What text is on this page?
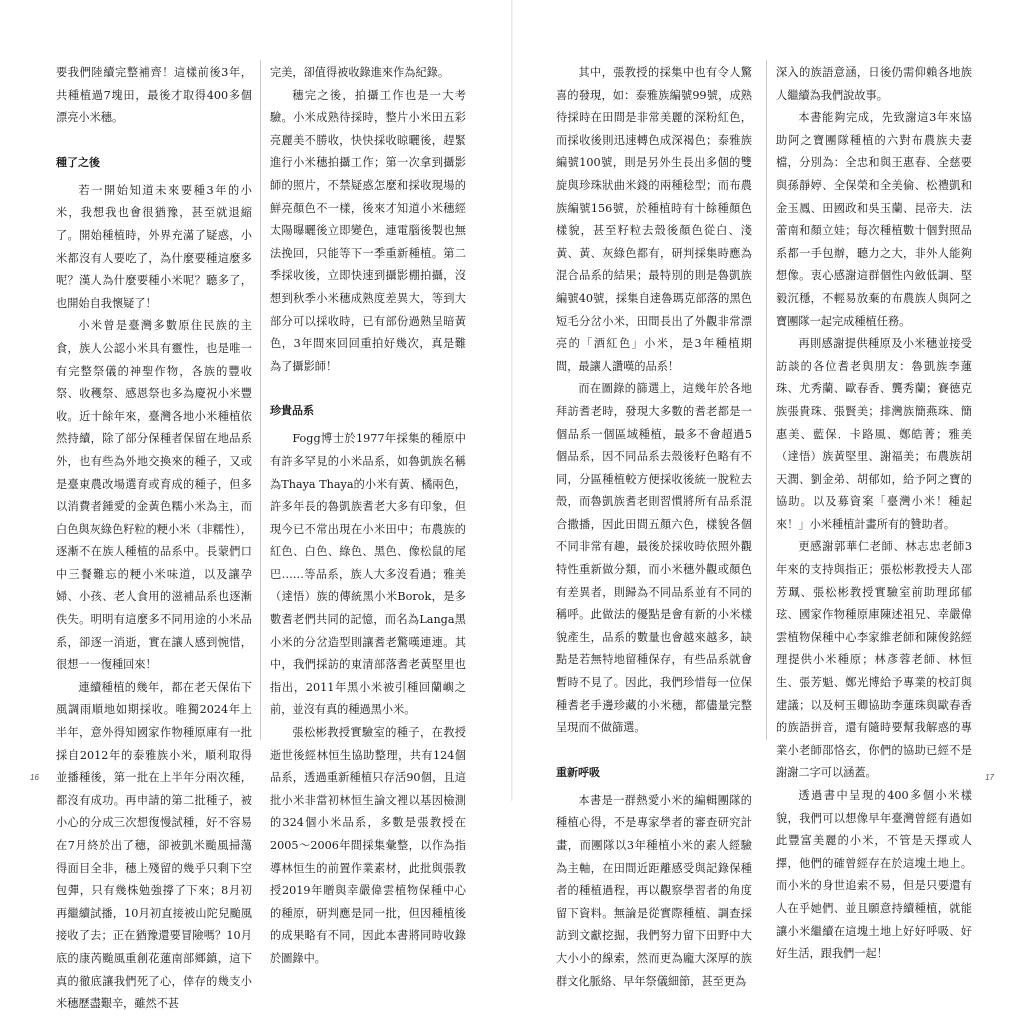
要我們陸續完整補齊！這樣前後3年，共種植過7塊田，最後才取得400多個漂亮小米穗。

種了之後

若一開始知道未來要種3年的小米，我想我也會很猶豫，甚至就退縮了。開始種植時，外界充滿了疑惑，小米都沒有人要吃了，為什麼要種這麼多呢？漢人為什麼要種小米呢？聽多了，也開始自我懷疑了！

小米曾是臺灣多數原住民族的主食，族人公認小米具有靈性，也是唯一有完整祭儀的神聖作物，各族的豐收祭、收穫祭、感恩祭也多為慶祝小米豐收。近十餘年來，臺灣各地小米種植依然持續，除了部分保種者保留在地品系外，也有些為外地交換來的種子，又或是臺東農改場選育或育成的種子，但多以消費者鍾愛的金黃色糯小米為主，而白色與灰綠色籽粒的粳小米（非糯性），逐漸不在族人種植的品系中。長蒙們口中三餐難忘的粳小米味道，以及讓孕婦、小孩、老人食用的滋補品系也逐漸佚失。明明有這麼多不同用途的小米品系，卻逐一消逝，實在讓人感到惋惜，很想一一復種回來！

連續種植的幾年，都在老天保佑下風調雨順地如期採收。唯獨2024年上半年，意外得知國家作物種原庫有一批採自2012年的泰雅族小米，順利取得並播種後，第一批在上半年分兩次種，都沒有成功。再申請的第二批種子，被小心的分成三次想復慢試種，好不容易在7月終於出了穗，卻被凱米颱風掃蕩得面目全非，穗上殘留的幾乎只剩下空包彈，只有幾株勉強撐了下來；8月初再繼續試播，10月初直接被山陀兒颱風接收了去；正在猶豫還要冒險嗎？10月底的康芮颱風重創花蓮南部鄉鎮，這下真的徹底讓我們死了心，倖存的幾支小米穗歷盡艱辛，雖然不甚

完美，卻值得被收錄進來作為紀錄。

穗完之後，拍攝工作也是一大考驗。小米成熟待採時，整片小米田五彩亮麗美不勝收，快快採收晾曬後，趕緊進行小米穗拍攝工作；第一次拿到攝影師的照片，不禁疑惑怎麼和採收現場的鮮亮顏色不一樣，後來才知道小米穗經太陽曝曬後立即變色，連電腦後製也無法挽回，只能等下一季重新種植。第二季採收後，立即快速到攝影棚拍攝，沒想到秋季小米穗成熟度差異大，等到大部分可以採收時，已有部份過熟呈暗黃色，3年間來回回重拍好幾次，真是難為了攝影師！

珍貴品系

Fogg博士於1977年採集的種原中有許多罕見的小米品系，如魯凱族名稱為Thaya Thaya的小米有黃、橘兩色，許多年長的魯凱族耆老大多有印象，但現今已不常出現在小米田中；布農族的紅色、白色、綠色、黑色、像松鼠的尾巴……等品系，族人大多沒看過；雅美（達悟）族的傳統黑小米Borok，是多數耆老們共同的記憶，而名為Langa黑小米的分岔造型則讓耆老驚嘆連連。其中，我們採訪的東清部落耆老黃堅里也指出，2011年黑小米被引種回蘭嶼之前，並沒有真的種過黑小米。

張松彬教授實驗室的種子，在教授逝世後經林恒生協助整理，共有124個品系，透過重新種植只存活90個，且這批小米非當初林恒生論文裡以基因檢測的324個小米品系，多數是張教授在2005～2006年間採集彙整，以作為指導林恒生的前置作業素材，此批與張教授2019年贈與幸嚴偉雲植物保種中心的種原，研判應是同一批，但因種植後的成果略有不同，因此本書將同時收錄於圖錄中。

16

其中，張教授的採集中也有令人驚喜的發現，如：泰雅族編號99號，成熟待採時在田間是非常美麗的深粉紅色，而採收後則迅速轉色成深褐色；泰雅族編號100號，則是另外生長出多個的雙旋與珍珠狀曲米錢的兩種稔型；而布農族編號156號，於種植時有十餘種顏色樣貌，甚至籽粒去殼後顏色從白、淺黃、黃、灰綠色都有，研判採集時應為混合品系的結果；最特別的則是魯凱族編號40號，採集自達魯瑪克部落的黑色短毛分岔小米，田間長出了外觀非常漂亮的「酒紅色」小米，是3年種植期間，最讓人讚嘆的品系！

而在圖錄的篩選上，這幾年於各地拜訪耆老時，發現大多數的耆老都是一個品系一個區域種植，最多不會超過5個品系，因不同品系去殼後籽色略有不同，分區種植較方便採收後統一脫粒去殼，而魯凱族耆老則習慣將所有品系混合撒播，因此田間五顏六色，樣貌各個不同非常有趣，最後於採收時依照外觀特性重新做分類，而小米穗外觀或顏色有差異者，則歸為不同品系並有不同的稱呼。此做法的優點是會有新的小米樣貌產生，品系的數量也會越來越多，缺點是若無特地留種保存，有些品系就會暫時不見了。因此，我們珍惜每一位保種耆老手邊珍藏的小米穗，都儘量完整呈現而不做篩選。

重新呼吸

本書是一群熱愛小米的編輯團隊的種植心得，不是專家學者的審查研究計畫，而團隊以3年種植小米的素人經驗為主軸，在田間近距離感受與記錄保種者的種植過程，再以觀察學習者的角度留下資料。無論是從實際種植、調查採訪到文獻挖掘，我們努力留下田野中大大小小的線索，然而更為龐大深厚的族群文化脈絡、早年祭儀細節，甚至更為

深入的族語意涵，日後仍需仰賴各地族人繼續為我們說故事。

本書能夠完成，先致謝這3年來協助阿之寶團隊種植的六對布農族夫妻檔，分別為：全忠和與王惠春、全慈要與孫靜婷、全保榮和全美倫、松禮凱和金玉鳳、田國政和吳玉蘭、昆帝夫．法蕾南和顏立娃；每次種植數十個對照品系都一手包辦，聽力之大，非外人能夠想像。衷心感謝這群個性內斂低調、堅毅沉穩，不輕易放棄的布農族人與阿之寶團隊一起完成種植任務。

再則感謝提供種原及小米穗並接受訪談的各位耆老與朋友：魯凱族李蓮珠、尤秀蘭、歐春香、龔秀蘭；賽德克族張貴珠、張賢美；排灣族簡燕珠、簡惠美、藍保．卡路風、鄭皓菁；雅美（達悟）族黃堅里、謝福美；布農族胡天潤、劉金弟、胡郁如，給予阿之寶的協助。以及募資案「臺灣小米！種起來！」小米種植計畫所有的贊助者。

更感謝郭華仁老師、林志忠老師3年來的支持與指正；張松彬教授夫人邵芳珮、張松彬教授實驗室前助理邱郁玹、國家作物種原庫陳述祖兄、幸嚴偉雲植物保種中心李家維老師和陳俊銘經理提供小米種原；林彥蓉老師、林恒生、張芳魁、鄭光博給予專業的校訂與建議；以及柯玉卿協助李蓮珠與歐春香的族語拼音，還有隨時要幫我解惑的專業小老師邵恪玄，你們的協助已經不是謝謝二字可以涵蓋。

透過書中呈現的400多個小米樣貌，我們可以想像早年臺灣曾經有過如此豐富美麗的小米，不管是天擇或人擇，他們的確曾經存在於這塊土地上。而小米的身世追索不易，但是只要還有人在乎她們、並且願意持續種植，就能讓小米繼續在這塊土地上好好呼吸、好好生活，跟我們一起！

17
